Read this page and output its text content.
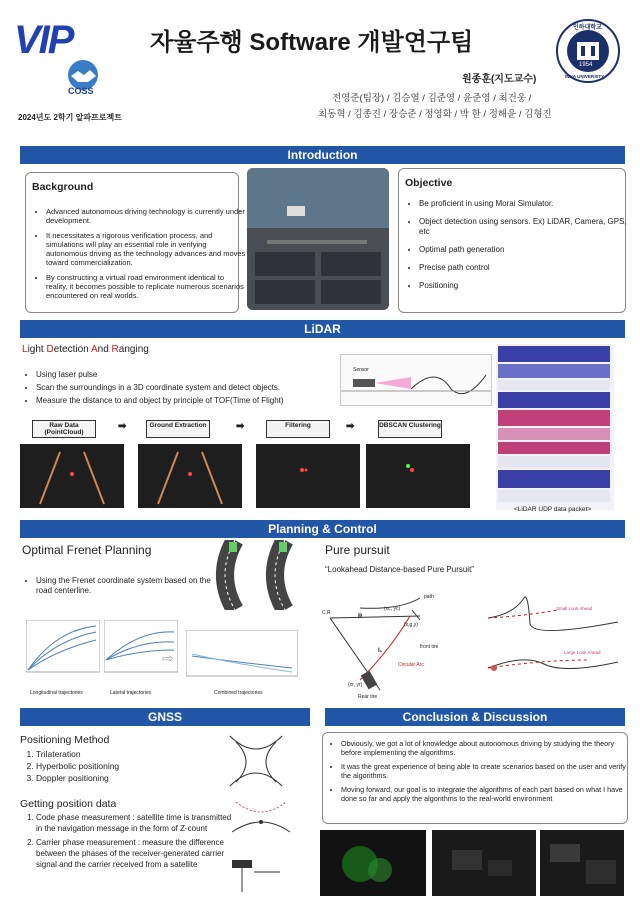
VIP
COSS
2024년도 2학기 알파프로젝트
자율주행 Software 개발연구팀
원종훈(지도교수)
전영준(팀장) / 김승열 / 김준영 / 윤준영 / 최건웅 /
최동혁 / 김종진 / 장승준 / 정영화 / 박 한 / 정해윤 / 김형진
1954
인하대학교
INHA UNIVERSITY
Introduction
Background
• Advanced autonomous driving technology is currently under development.
• It necessitates a rigorous verification process, and simulations will play an essential role in verifying autonomous driving as the technology advances and moves toward commercialization.
• By constructing a virtual road environment identical to reality, it becomes possible to replicate numerous scenarios encountered on real worlds.
Objective
• Be proficient in using Morai Simulator.
• Object detection using sensors. Ex) LiDAR, Camera, GPS, etc
• Optimal path generation
• Precise path control
• Positioning
LiDAR
Light Detection And Ranging
• Using laser pulse
• Scan the surroundings in a 3D coordinate system and detect objects.
• Measure the distance to and object by principle of TOF(Time of Flight)
Sensor
Raw Data (PointCloud)
➡	Ground Extraction	➡	Filtering	➡	DBSCAN Clustering
<LiDAR UDP data packet>
Planning & Control
Optimal Frenet Planning
• Using the Frenet coordinate system based on the road centerline.
⇨
Longitudinal trajectories	Lateral trajectories	Combined trajectories
Pure pursuit
“Lookahead Distance-based Pure Pursuit”
C.R
R
(xc, yc)
(x,g,y)
path
front tire
l₁
Circular Arc
(xr, yr)
Rear tire
Small Look Ahead
Large Look Ahead
GNSS
Positioning Method
1. Trilateration
2. Hyperbolic positioning
3. Doppler positioning
Getting position data
1. Code phase measurement : satellite time is transmitted in the navigation message in the form of Z-count
2. Carrier phase measurement : measure the difference between the phases of the receiver-generated carrier signal and the carrier received from a satellite
Conclusion & Discussion
• Obviously, we got a lot of knowledge about autonomous driving by studying the theory before implementing the algorithms.
• It was the great experience of being able to create scenarios based on the user and verify the algorithms.
• Moving forward, our goal is to integrate the algorithms of each part based on what I have done so far and apply the algorithms to the real-world environment
